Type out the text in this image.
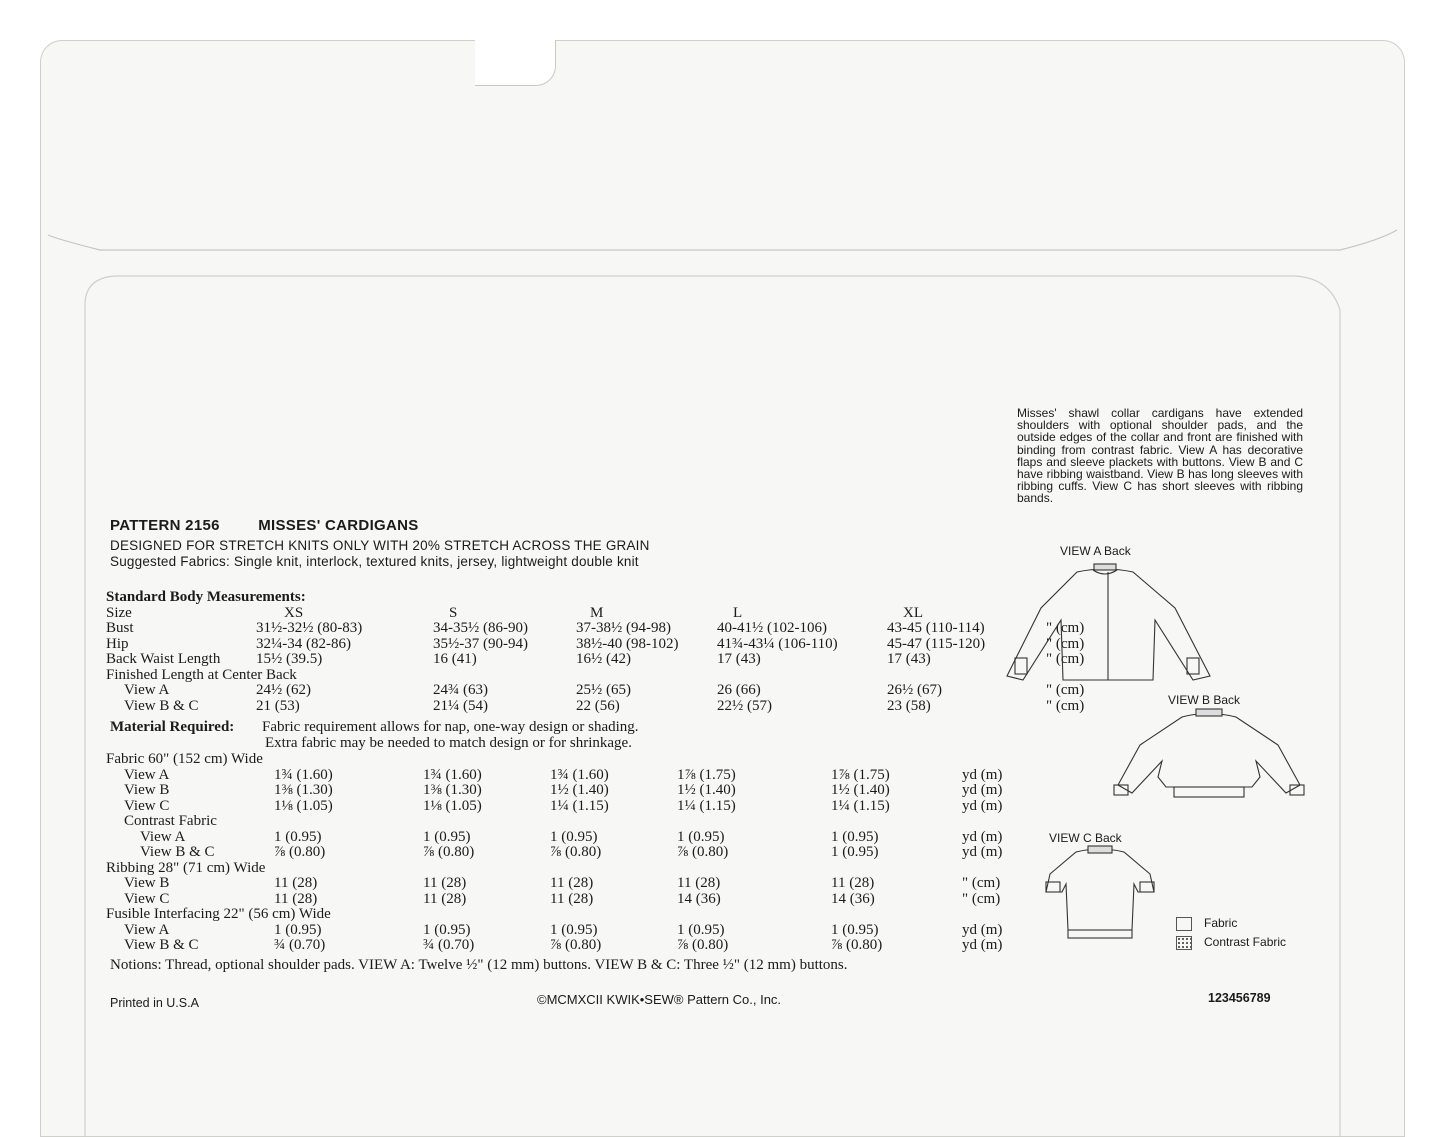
PATTERN 2156	MISSES' CARDIGANS
DESIGNED FOR STRETCH KNITS ONLY WITH 20% STRETCH ACROSS THE GRAIN
Suggested Fabrics: Single knit, interlock, textured knits, jersey, lightweight double knit
Standard Body Measurements:						
Size	XS	S	M	L	XL	
Bust	31½-32½ (80-83)	34-35½ (86-90)	37-38½ (94-98)	40-41½ (102-106)	43-45 (110-114)	" (cm)
Hip	32¼-34 (82-86)	35½-37 (90-94)	38½-40 (98-102)	41¾-43¼ (106-110)	45-47 (115-120)	" (cm)
Back Waist Length	15½ (39.5)	16 (41)	16½ (42)	17 (43)	17 (43)	" (cm)
Finished Length at Center Back						
View A	24½ (62)	24¾ (63)	25½ (65)	26 (66)	26½ (67)	" (cm)
View B & C	21 (53)	21¼ (54)	22 (56)	22½ (57)	23 (58)	" (cm)
Material Required: Fabric requirement allows for nap, one-way design or shading.
Extra fabric may be needed to match design or for shrinkage.
Fabric 60" (152 cm) Wide						
View A	1¾ (1.60)	1¾ (1.60)	1¾ (1.60)	1⅞ (1.75)	1⅞ (1.75)	yd (m)
View B	1⅜ (1.30)	1⅜ (1.30)	1½ (1.40)	1½ (1.40)	1½ (1.40)	yd (m)
View C	1⅛ (1.05)	1⅛ (1.05)	1¼ (1.15)	1¼ (1.15)	1¼ (1.15)	yd (m)
Contrast Fabric						
View A	1 (0.95)	1 (0.95)	1 (0.95)	1 (0.95)	1 (0.95)	yd (m)
View B & C	⅞ (0.80)	⅞ (0.80)	⅞ (0.80)	⅞ (0.80)	1 (0.95)	yd (m)
Ribbing 28" (71 cm) Wide						
View B	11 (28)	11 (28)	11 (28)	11 (28)	11 (28)	" (cm)
View C	11 (28)	11 (28)	11 (28)	14 (36)	14 (36)	" (cm)
Fusible Interfacing 22" (56 cm) Wide						
View A	1 (0.95)	1 (0.95)	1 (0.95)	1 (0.95)	1 (0.95)	yd (m)
View B & C	¾ (0.70)	¾ (0.70)	⅞ (0.80)	⅞ (0.80)	⅞ (0.80)	yd (m)
Notions: Thread, optional shoulder pads. VIEW A: Twelve ½" (12 mm) buttons. VIEW B & C: Three ½" (12 mm) buttons.
Misses' shawl collar cardigans have extended shoulders with optional shoulder pads, and the outside edges of the collar and front are finished with binding from contrast fabric. View A has decorative flaps and sleeve plackets with buttons. View B and C have ribbing waistband. View B has long sleeves with ribbing cuffs. View C has short sleeves with ribbing bands.
VIEW A Back
VIEW B Back
VIEW C Back
Fabric
Contrast Fabric
Printed in U.S.A	©MCMXCII KWIK•SEW® Pattern Co., Inc.	123456789
